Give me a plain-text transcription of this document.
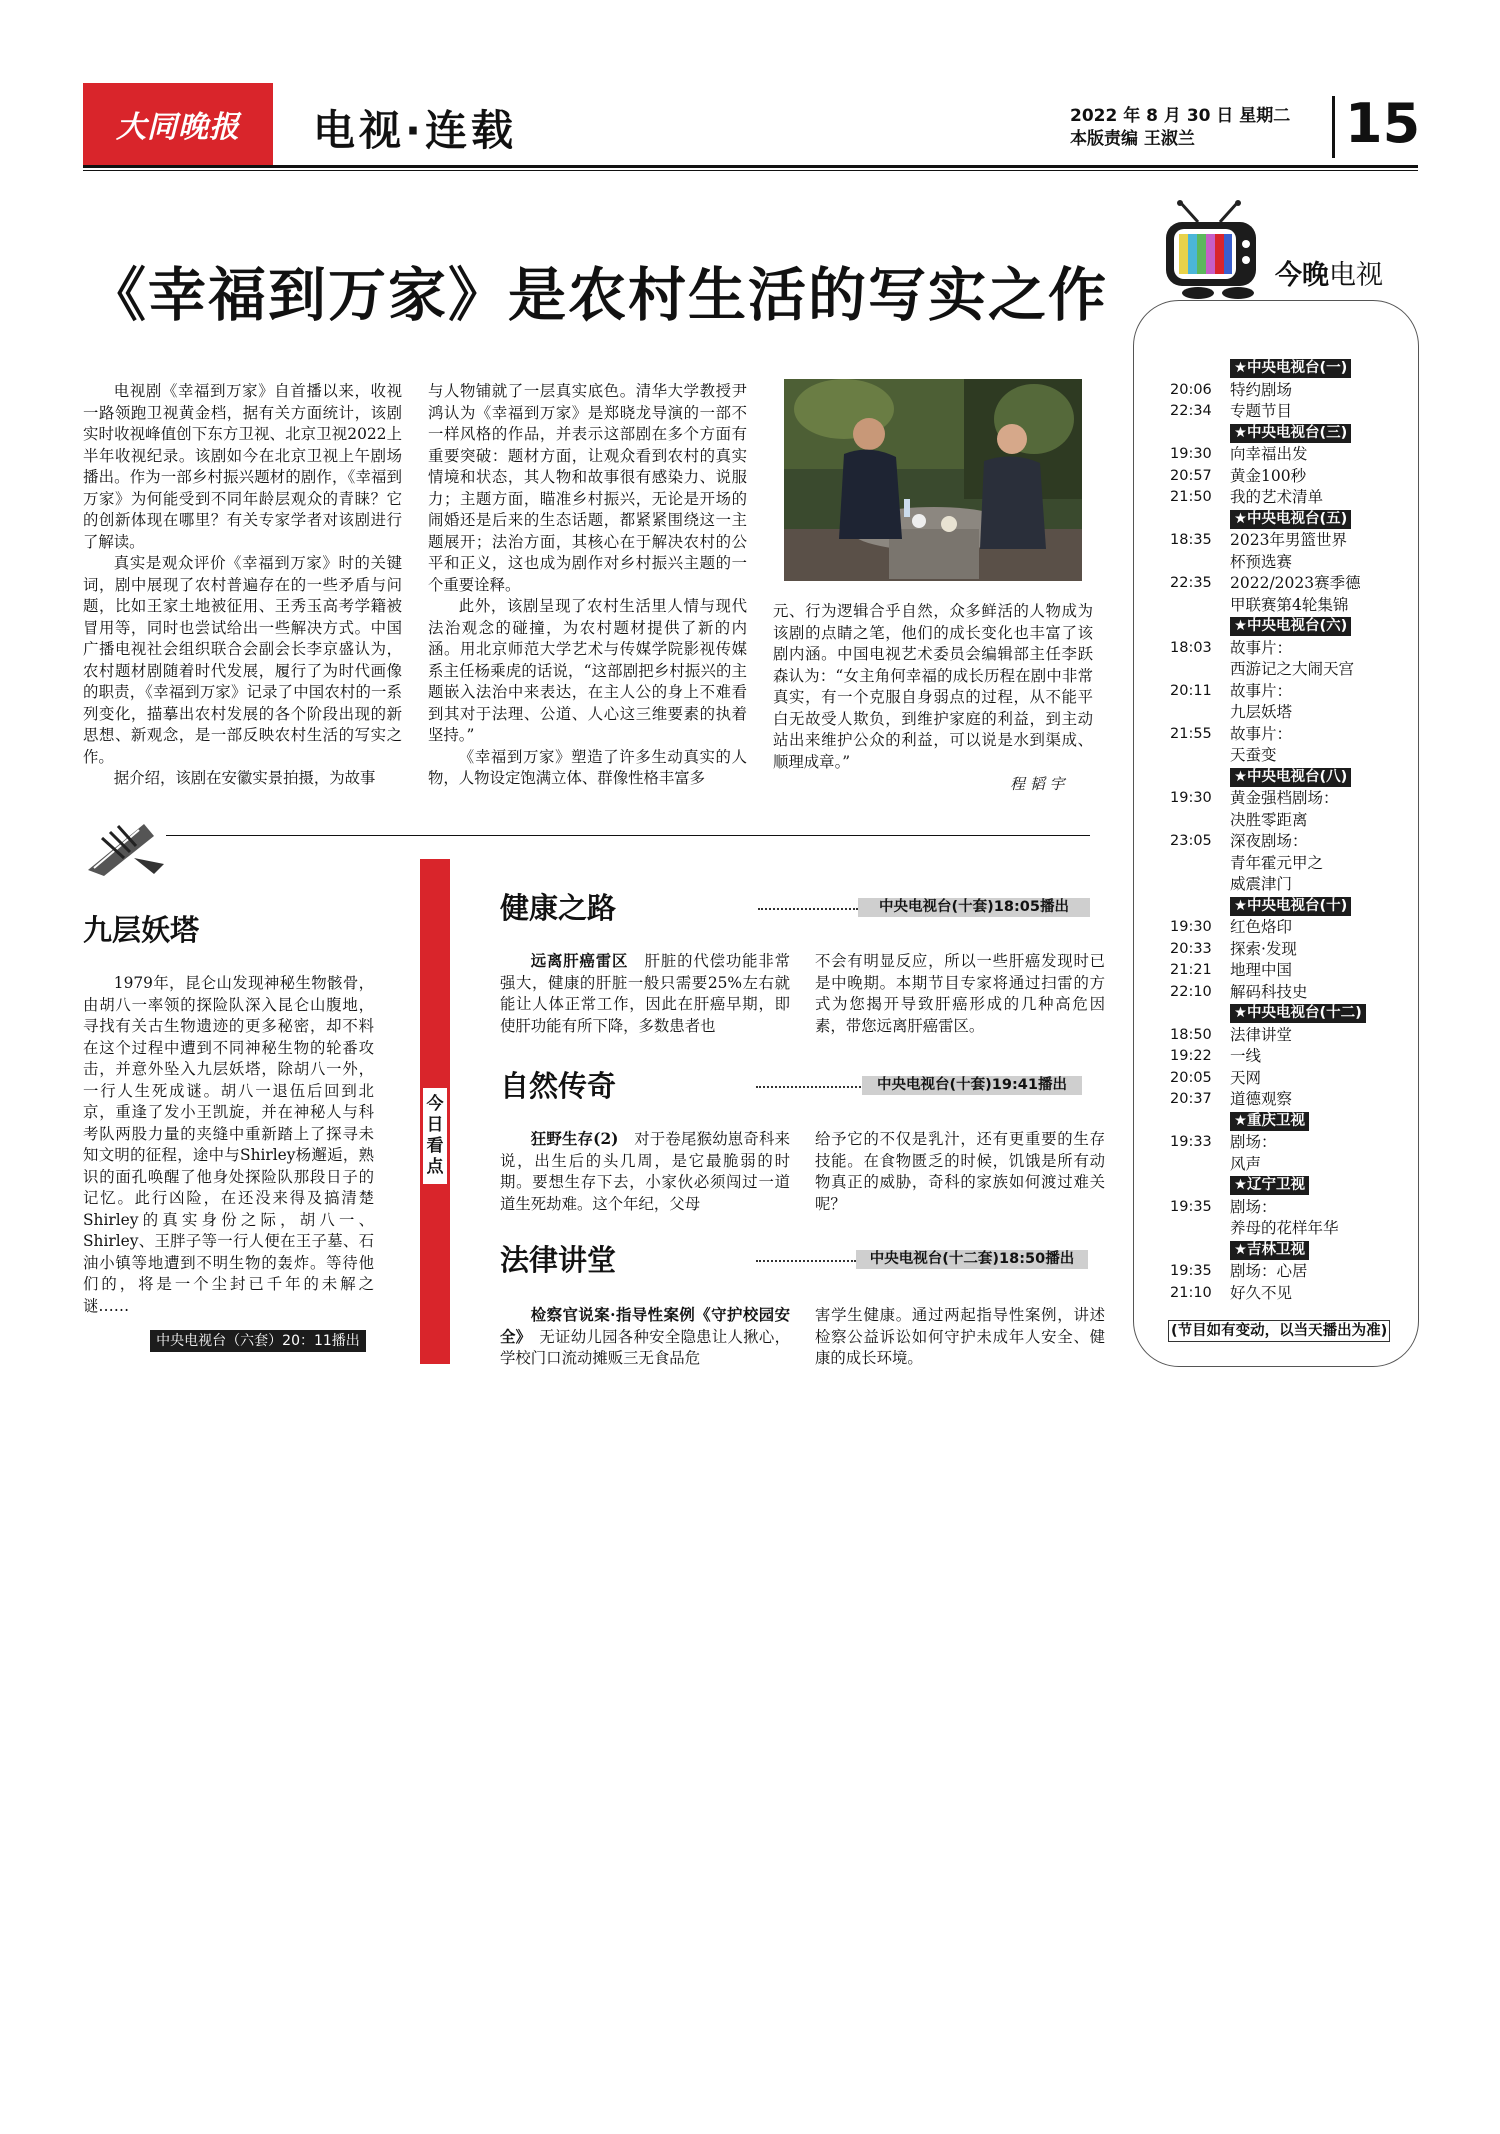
大同晚报	电视·连载	2022 年 8 月 30 日 星期二
本版责编 王淑兰	15
《幸福到万家》是农村生活的写实之作

电视剧《幸福到万家》自首播以来，收视一路领跑卫视黄金档，据有关方面统计，该剧实时收视峰值创下东方卫视、北京卫视2022上半年收视纪录。该剧如今在北京卫视上午剧场播出。作为一部乡村振兴题材的剧作，《幸福到万家》为何能受到不同年龄层观众的青睐？它的创新体现在哪里？有关专家学者对该剧进行了解读。

真实是观众评价《幸福到万家》时的关键词，剧中展现了农村普遍存在的一些矛盾与问题，比如王家土地被征用、王秀玉高考学籍被冒用等，同时也尝试给出一些解决方式。中国广播电视社会组织联合会副会长李京盛认为，农村题材剧随着时代发展，履行了为时代画像的职责，《幸福到万家》记录了中国农村的一系列变化，描摹出农村发展的各个阶段出现的新思想、新观念，是一部反映农村生活的写实之作。

据介绍，该剧在安徽实景拍摄，为故事

与人物铺就了一层真实底色。清华大学教授尹鸿认为《幸福到万家》是郑晓龙导演的一部不一样风格的作品，并表示这部剧在多个方面有重要突破：题材方面，让观众看到农村的真实情境和状态，其人物和故事很有感染力、说服力；主题方面，瞄准乡村振兴，无论是开场的闹婚还是后来的生态话题，都紧紧围绕这一主题展开；法治方面，其核心在于解决农村的公平和正义，这也成为剧作对乡村振兴主题的一个重要诠释。

此外，该剧呈现了农村生活里人情与现代法治观念的碰撞，为农村题材提供了新的内涵。用北京师范大学艺术与传媒学院影视传媒系主任杨乘虎的话说，“这部剧把乡村振兴的主题嵌入法治中来表达，在主人公的身上不难看到其对于法理、公道、人心这三维要素的执着坚持。”

《幸福到万家》塑造了许多生动真实的人物，人物设定饱满立体、群像性格丰富多

元、行为逻辑合乎自然，众多鲜活的人物成为该剧的点睛之笔，他们的成长变化也丰富了该剧内涵。中国电视艺术委员会编辑部主任李跃森认为：“女主角何幸福的成长历程在剧中非常真实，有一个克服自身弱点的过程，从不能平白无故受人欺负，到维护家庭的利益，到主动站出来维护公众的利益，可以说是水到渠成、顺理成章。”

程 韬 宇
九层妖塔

1979年，昆仑山发现神秘生物骸骨，由胡八一率领的探险队深入昆仑山腹地，寻找有关古生物遗迹的更多秘密，却不料在这个过程中遭到不同神秘生物的轮番攻击，并意外坠入九层妖塔，除胡八一外，一行人生死成谜。胡八一退伍后回到北京，重逢了发小王凯旋，并在神秘人与科考队两股力量的夹缝中重新踏上了探寻未知文明的征程，途中与Shirley杨邂逅，熟识的面孔唤醒了他身处探险队那段日子的记忆。此行凶险，在还没来得及搞清楚Shirley的真实身份之际，胡八一、Shirley、王胖子等一行人便在王子墓、石油小镇等地遭到不明生物的轰炸。等待他们的，将是一个尘封已千年的未解之谜……

中央电视台（六套）20：11播出
今日看点
健康之路	中央电视台(十套)18:05播出

远离肝癌雷区　 肝脏的代偿功能非常强大，健康的肝脏一般只需要25%左右就能让人体正常工作，因此在肝癌早期，即使肝功能有所下降，多数患者也

不会有明显反应，所以一些肝癌发现时已是中晚期。本期节目专家将通过扫雷的方式为您揭开导致肝癌形成的几种高危因素，带您远离肝癌雷区。

自然传奇	中央电视台(十套)19:41播出

狂野生存(2)　 对于卷尾猴幼崽奇科来说，出生后的头几周，是它最脆弱的时期。要想生存下去，小家伙必须闯过一道道生死劫难。这个年纪，父母

给予它的不仅是乳汁，还有更重要的生存技能。在食物匮乏的时候，饥饿是所有动物真正的威胁，奇科的家族如何渡过难关呢？

法律讲堂	中央电视台(十二套)18:50播出

检察官说案·指导性案例《守护校园安全》　 无证幼儿园各种安全隐患让人揪心，学校门口流动摊贩三无食品危

害学生健康。通过两起指导性案例，讲述检察公益诉讼如何守护未成年人安全、健康的成长环境。

今晚电视
★中央电视台(一)
20:06 特约剧场
22:34 专题节目
★中央电视台(三)
19:30 向幸福出发
20:57 黄金100秒
21:50 我的艺术清单
★中央电视台(五)
18:35 2023年男篮世界
杯预选赛
22:35 2022/2023赛季德
甲联赛第4轮集锦
★中央电视台(六)
18:03 故事片：
西游记之大闹天宫
20:11 故事片：
九层妖塔
21:55 故事片：
天蚕变
★中央电视台(八)
19:30 黄金强档剧场：
决胜零距离
23:05 深夜剧场：
青年霍元甲之
威震津门
★中央电视台(十)
19:30 红色烙印
20:33 探索·发现
21:21 地理中国
22:10 解码科技史
★中央电视台(十二)
18:50 法律讲堂
19:22 一线
20:05 天网
20:37 道德观察
★重庆卫视
19:33 剧场：
风声
★辽宁卫视
19:35 剧场：
养母的花样年华
★吉林卫视
19:35 剧场：心居
21:10 好久不见
(节目如有变动，以当天播出为准)
